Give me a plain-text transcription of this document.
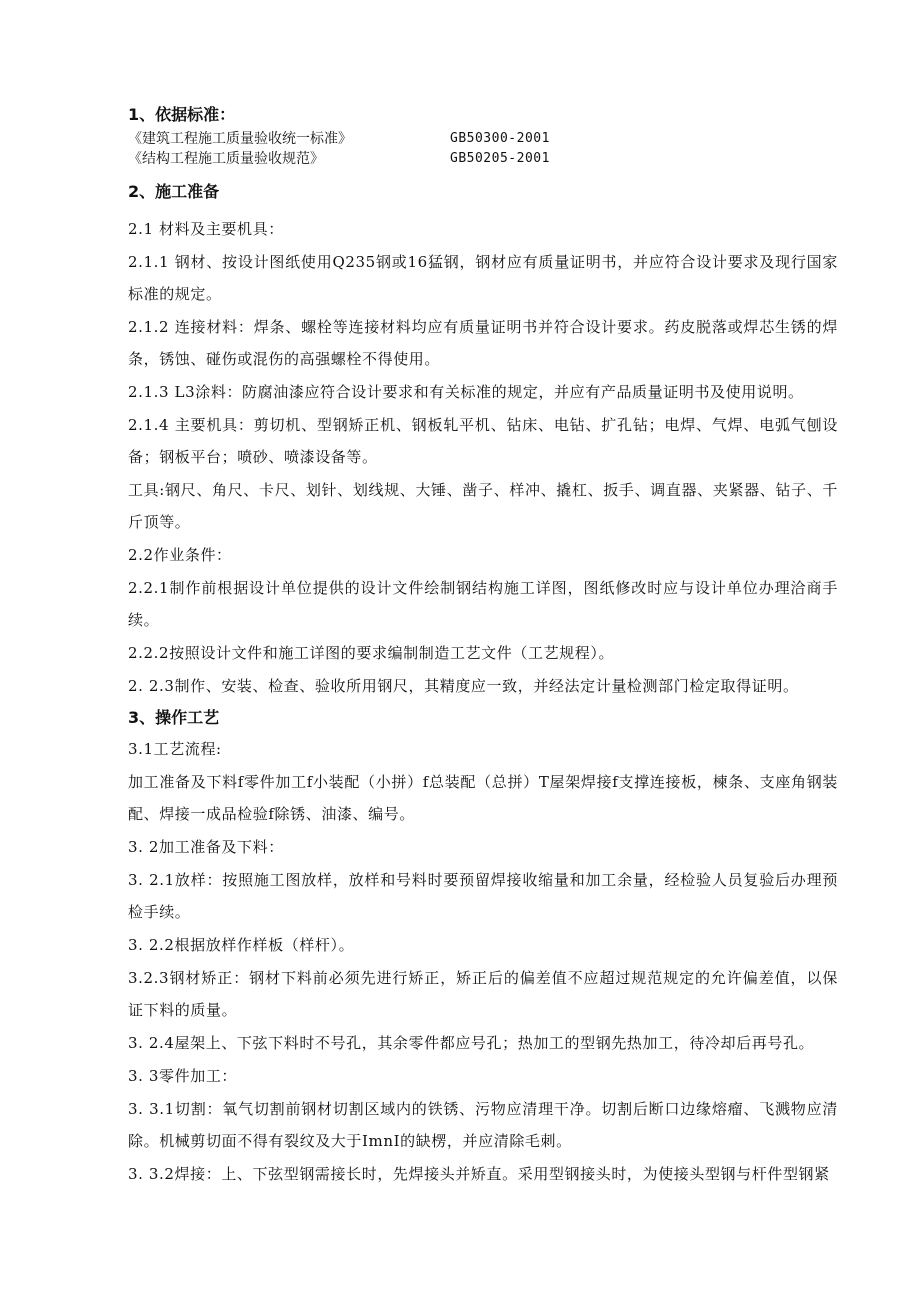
1、依据标准：
《建筑工程施工质量验收统一标准》	GB50300-2001
《结构工程施工质量验收规范》	GB50205-2001
2、施工准备

2.1 材料及主要机具：

2.1.1 钢材、按设计图纸使用Q235钢或16猛钢，钢材应有质量证明书，并应符合设计要求及现行国家标准的规定。

2.1.2 连接材料：焊条、螺栓等连接材料均应有质量证明书并符合设计要求。药皮脱落或焊芯生锈的焊条，锈蚀、碰伤或混伤的高强螺栓不得使用。

2.1.3 L3涂料：防腐油漆应符合设计要求和有关标准的规定，并应有产品质量证明书及使用说明。

2.1.4 主要机具：剪切机、型钢矫正机、钢板轧平机、钻床、电钻、扩孔钻；电焊、气焊、电弧气刨设备；钢板平台；喷砂、喷漆设备等。

工具:钢尺、角尺、卡尺、划针、划线规、大锤、凿子、样冲、撬杠、扳手、调直器、夹紧器、钻子、千斤顶等。

2.2作业条件：

2.2.1制作前根据设计单位提供的设计文件绘制钢结构施工详图，图纸修改时应与设计单位办理洽商手续。

2.2.2按照设计文件和施工详图的要求编制制造工艺文件（工艺规程）。

2. 2.3制作、安装、检查、验收所用钢尺，其精度应一致，并经法定计量检测部门检定取得证明。

3、操作工艺

3.1工艺流程:

加工准备及下料f零件加工f小装配（小拼）f总装配（总拼）T屋架焊接f支撑连接板，楝条、支座角钢装配、焊接一成品检验f除锈、油漆、编号。

3. 2加工准备及下料：

3. 2.1放样：按照施工图放样，放样和号料时要预留焊接收缩量和加工余量，经检验人员复验后办理预检手续。

3. 2.2根据放样作样板（样杆）。

3.2.3钢材矫正：钢材下料前必须先进行矫正，矫正后的偏差值不应超过规范规定的允许偏差值，以保证下料的质量。

3. 2.4屋架上、下弦下料时不号孔，其余零件都应号孔；热加工的型钢先热加工，待冷却后再号孔。

3. 3零件加工：

3. 3.1切割：氧气切割前钢材切割区域内的铁锈、污物应清理干净。切割后断口边缘熔瘤、飞溅物应清除。机械剪切面不得有裂纹及大于ImnI的缺楞，并应清除毛刺。

3. 3.2焊接：上、下弦型钢需接长时，先焊接头并矫直。采用型钢接头时，为使接头型钢与杆件型钢紧
